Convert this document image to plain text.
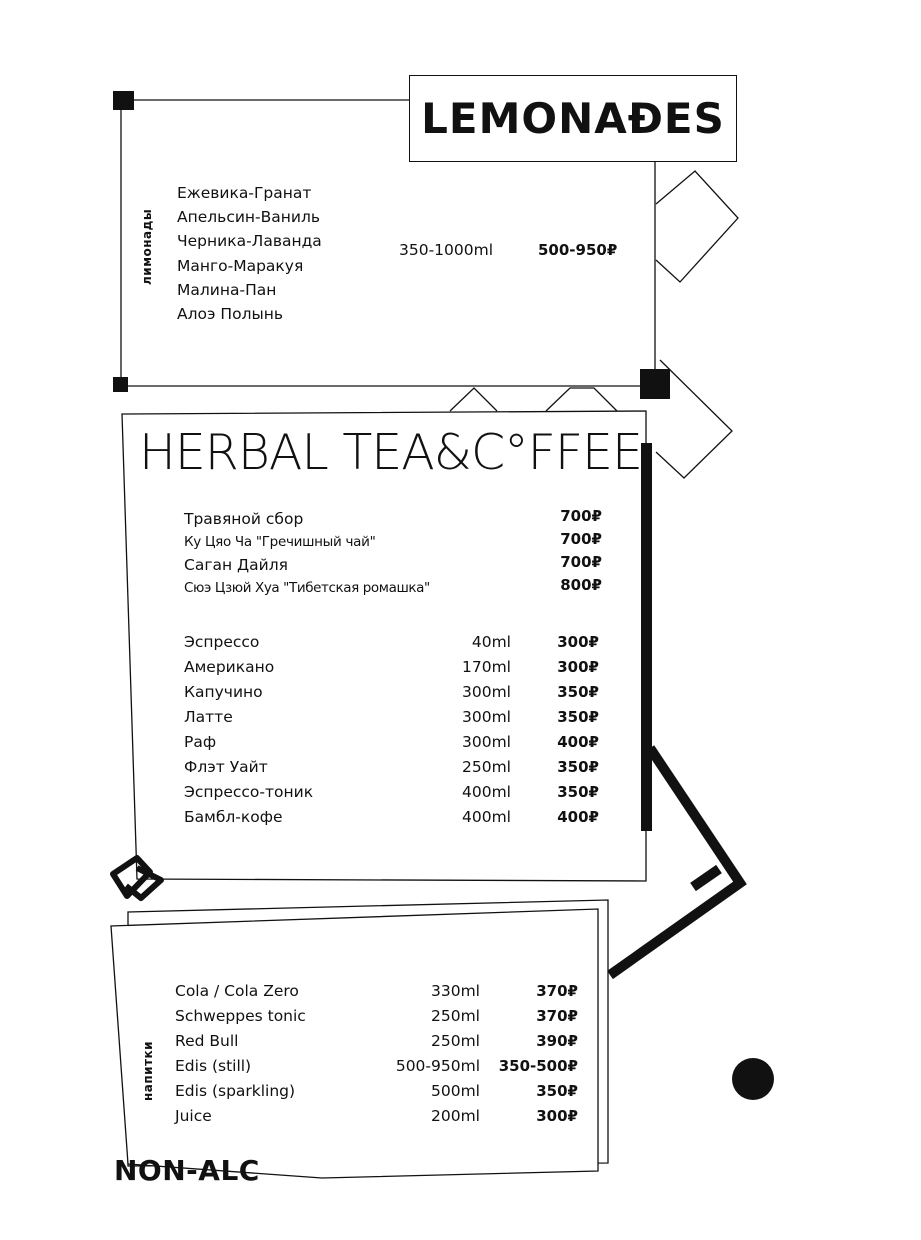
LEMONAĐES
лимонады
Ежевика-Гранат
Апельсин-Ваниль
Черника-Лаванда
Манго-Маракуя
Малина-Пан
Алоэ Полынь
350-1000ml	500-950₽
HERBAL TEA&C°FFEE
Травяной сбор	700₽
Ку Цяо Ча "Гречишный чай"	700₽
Саган Дайля	700₽
Сюэ Цзюй Хуа "Тибетская ромашка"	800₽
Эспрессо	40ml	300₽
Американо	170ml	300₽
Капучино	300ml	350₽
Латте	300ml	350₽
Раф	300ml	400₽
Флэт Уайт	250ml	350₽
Эспрессо-тоник	400ml	350₽
Бамбл-кофе	400ml	400₽
напитки
Cola / Cola Zero	330ml	370₽
Schweppes tonic	250ml	370₽
Red Bull	250ml	390₽
Edis (still)	500-950ml 350-500₽
Edis (sparkling)	500ml	350₽
Juice	200ml	300₽
NON-ALC
